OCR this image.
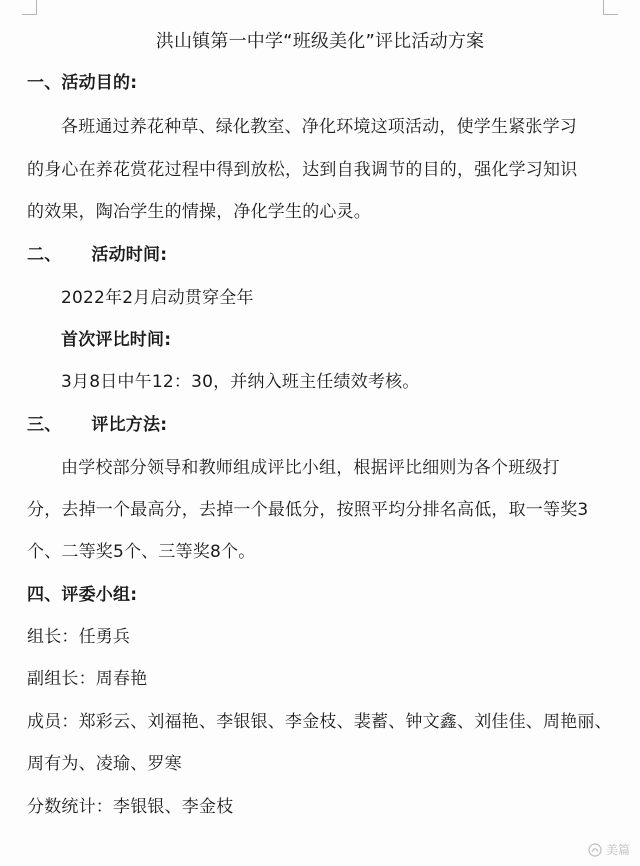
洪山镇第一中学“班级美化”评比活动方案
一、活动目的:
各班通过养花种草、绿化教室、净化环境这项活动，使学生紧张学习
的身心在养花赏花过程中得到放松，达到自我调节的目的，强化学习知识
的效果，陶冶学生的情操，净化学生的心灵。
二、 活动时间:
2022年2月启动贯穿全年
首次评比时间:
3月8日中午12：30，并纳入班主任绩效考核。
三、 评比方法:
由学校部分领导和教师组成评比小组，根据评比细则为各个班级打
分，去掉一个最高分，去掉一个最低分，按照平均分排名高低，取一等奖3
个、二等奖5个、三等奖8个。
四、评委小组:
组长：任勇兵
副组长：周春艳
成员：郑彩云、刘福艳、李银银、李金枝、裴蓄、钟文鑫、刘佳佳、周艳丽、
周有为、凌瑜、罗寒
分数统计：李银银、李金枝
美篇
